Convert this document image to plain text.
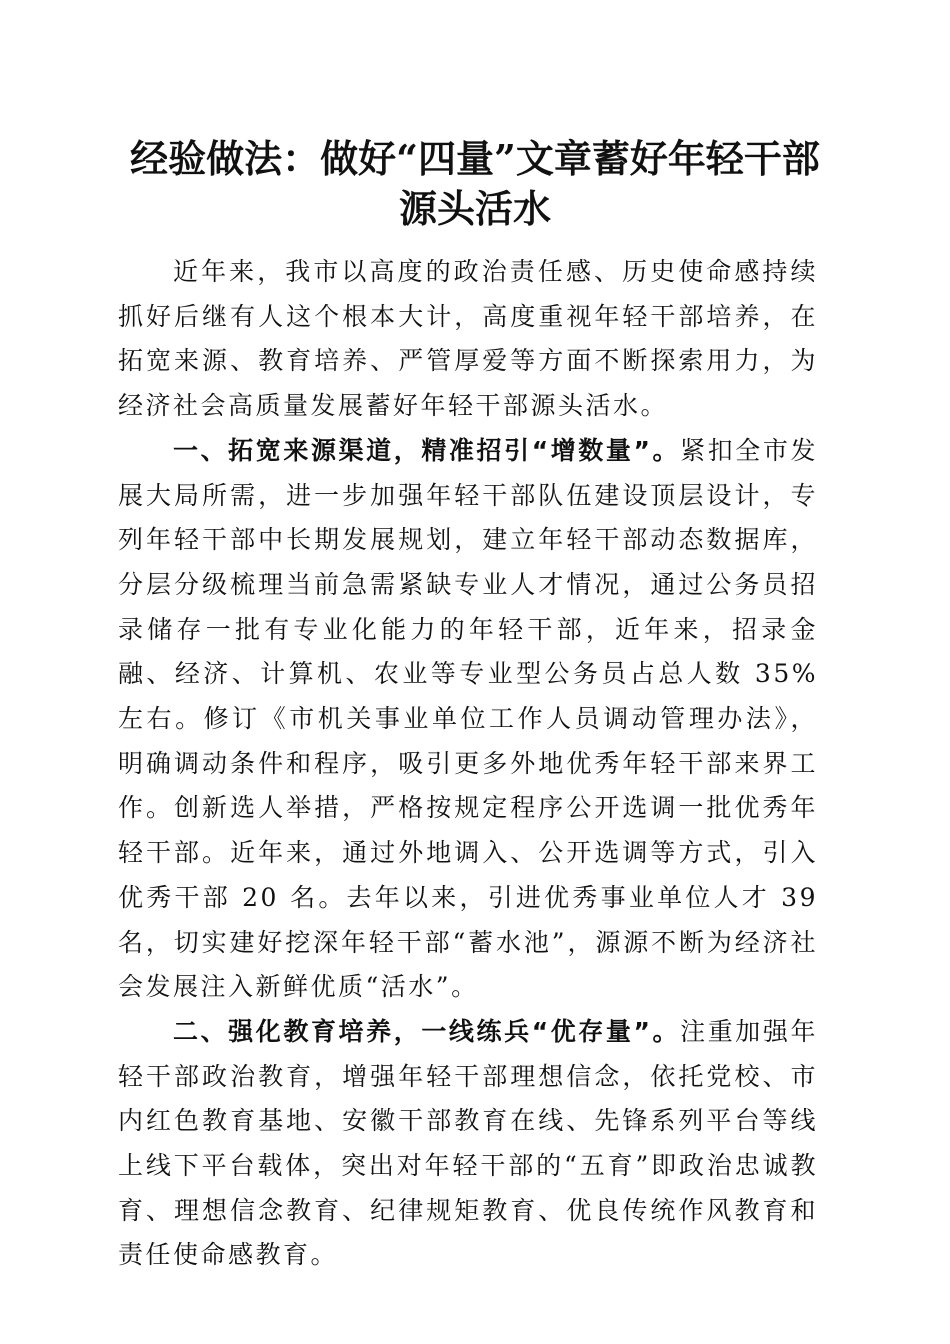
经验做法：做好“四量”文章蓄好年轻干部源头活水

近年来，我市以高度的政治责任感、历史使命感持续抓好后继有人这个根本大计，高度重视年轻干部培养，在拓宽来源、教育培养、严管厚爱等方面不断探索用力，为经济社会高质量发展蓄好年轻干部源头活水。

一、拓宽来源渠道，精准招引“增数量”。紧扣全市发展大局所需，进一步加强年轻干部队伍建设顶层设计，专列年轻干部中长期发展规划，建立年轻干部动态数据库，分层分级梳理当前急需紧缺专业人才情况，通过公务员招录储存一批有专业化能力的年轻干部，近年来，招录金融、经济、计算机、农业等专业型公务员占总人数 35%左右。修订《市机关事业单位工作人员调动管理办法》，明确调动条件和程序，吸引更多外地优秀年轻干部来界工作。创新选人举措，严格按规定程序公开选调一批优秀年轻干部。近年来，通过外地调入、公开选调等方式，引入优秀干部 20 名。去年以来，引进优秀事业单位人才 39 名，切实建好挖深年轻干部“蓄水池”，源源不断为经济社会发展注入新鲜优质“活水”。

二、强化教育培养，一线练兵“优存量”。注重加强年轻干部政治教育，增强年轻干部理想信念，依托党校、市内红色教育基地、安徽干部教育在线、先锋系列平台等线上线下平台载体，突出对年轻干部的“五育”即政治忠诚教育、理想信念教育、纪律规矩教育、优良传统作风教育和责任使命感教育。
